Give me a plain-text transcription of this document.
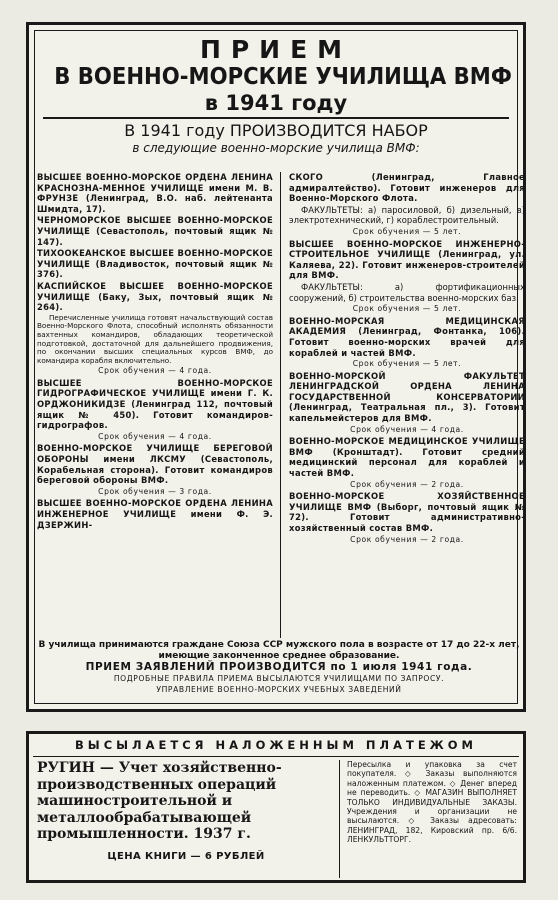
ПРИЕМ
В ВОЕННО-МОРСКИЕ УЧИЛИЩА ВМФ
в 1941 году
В 1941 году ПРОИЗВОДИТСЯ НАБОР
в следующие военно-морские училища ВМФ:

ВЫСШЕЕ ВОЕННО-МОРСКОЕ ОРДЕНА ЛЕНИНА КРАСНОЗНА-МЕННОЕ УЧИЛИЩЕ имени М. В. ФРУНЗЕ (Ленинград, В.О. наб. лейтенанта Шмидта, 17).

ЧЕРНОМОРСКОЕ ВЫСШЕЕ ВОЕННО-МОРСКОЕ УЧИЛИЩЕ (Севастополь, почтовый ящик № 147).

ТИХООКЕАНСКОЕ ВЫСШЕЕ ВОЕННО-МОРСКОЕ УЧИЛИЩЕ (Владивосток, почтовый ящик № 376).

КАСПИЙСКОЕ ВЫСШЕЕ ВОЕННО-МОРСКОЕ УЧИЛИЩЕ (Баку, Зых, почтовый ящик № 264).

Перечисленные училища готовят начальствующий состав Военно-Морского Флота, способный исполнять обязанности вахтенных командиров, обладающих теоретической подготовкой, достаточной для дальнейшего продвижения, по окончании высших специальных курсов ВМФ, до командира корабля включительно.

Срок обучения — 4 года.

ВЫСШЕЕ ВОЕННО-МОРСКОЕ ГИДРОГРАФИЧЕСКОЕ УЧИЛИЩЕ имени Г. К. ОРДЖОНИКИДЗЕ (Ленинград 112, почтовый ящик № 450). Готовит командиров-гидрографов.

Срок обучения — 4 года.

ВОЕННО-МОРСКОЕ УЧИЛИЩЕ БЕРЕГОВОЙ ОБОРОНЫ имени ЛКСМУ (Севастополь, Корабельная сторона). Готовит командиров береговой обороны ВМФ.

Срок обучения — 3 года.

ВЫСШЕЕ ВОЕННО-МОРСКОЕ ОРДЕНА ЛЕНИНА ИНЖЕНЕРНОЕ УЧИЛИЩЕ имени Ф. Э. ДЗЕРЖИН-

СКОГО (Ленинград, Главное адмиралтейство). Готовит инженеров для Военно-Морского Флота.

ФАКУЛЬТЕТЫ: а) паросиловой, б) дизельный, в) электротехнический, г) кораблестроительный.

Срок обучения — 5 лет.

ВЫСШЕЕ ВОЕННО-МОРСКОЕ ИНЖЕНЕРНО-СТРОИТЕЛЬНОЕ УЧИЛИЩЕ (Ленинград, ул. Каляева, 22). Готовит инженеров-строителей для ВМФ.

ФАКУЛЬТЕТЫ: а) фортификационных сооружений, б) строительства военно-морских баз.

Срок обучения — 5 лет.

ВОЕННО-МОРСКАЯ МЕДИЦИНСКАЯ АКАДЕМИЯ (Ленинград, Фонтанка, 106). Готовит военно-морских врачей для кораблей и частей ВМФ.

Срок обучения — 5 лет.

ВОЕННО-МОРСКОЙ ФАКУЛЬТЕТ ЛЕНИНГРАДСКОЙ ОРДЕНА ЛЕНИНА ГОСУДАРСТВЕННОЙ КОНСЕРВАТОРИИ (Ленинград, Театральная пл., 3). Готовит капельмейстеров для ВМФ.

Срок обучения — 4 года.

ВОЕННО-МОРСКОЕ МЕДИЦИНСКОЕ УЧИЛИЩЕ ВМФ (Кронштадт). Готовит средний медицинский персонал для кораблей и частей ВМФ.

Срок обучения — 2 года.

ВОЕННО-МОРСКОЕ ХОЗЯЙСТВЕННОЕ УЧИЛИЩЕ ВМФ (Выборг, почтовый ящик № 72). Готовит административно-хозяйственный состав ВМФ.

Срок обучения — 2 года.

В училища принимаются граждане Союза ССР мужского пола в возрасте от 17 до 22-х лет, имеющие законченное среднее образование.
ПРИЕМ ЗАЯВЛЕНИЙ ПРОИЗВОДИТСЯ по 1 июля 1941 года.
ПОДРОБНЫЕ ПРАВИЛА ПРИЕМА ВЫСЫЛАЮТСЯ УЧИЛИЩАМИ ПО ЗАПРОСУ.
УПРАВЛЕНИЕ ВОЕННО-МОРСКИХ УЧЕБНЫХ ЗАВЕДЕНИЙ
ВЫСЫЛАЕТСЯ НАЛОЖЕННЫМ ПЛАТЕЖОМ
РУГИН — Учет хозяйственно-производственных операций машиностроительной и металлообрабатывающей промышленности. 1937 г.
ЦЕНА КНИГИ — 6 РУБЛЕЙ
Пересылка и упаковка за счет покупателя. ◇ Заказы выполняются наложенным платежом. ◇ Денег вперед не переводить. ◇ МАГАЗИН ВЫПОЛНЯЕТ ТОЛЬКО ИНДИВИДУАЛЬНЫЕ ЗАКАЗЫ. Учреждения и организации не высылаются. ◇ Заказы адресовать: ЛЕНИНГРАД, 182, Кировский пр. 6/6. ЛЕНКУЛЬТТОРГ.
